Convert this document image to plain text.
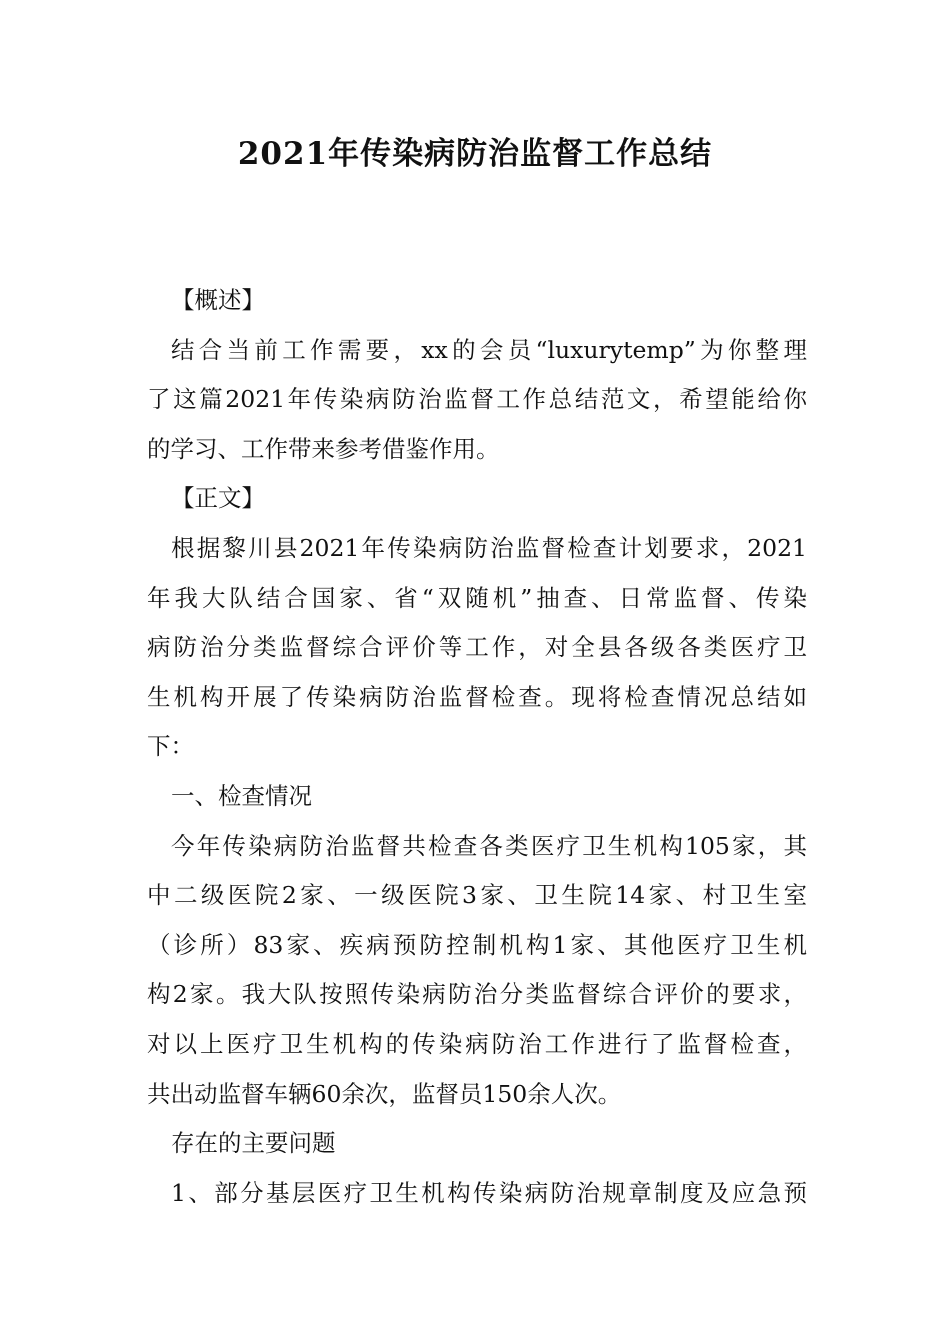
2021年传染病防治监督工作总结
【概述】
结合当前工作需要，xx的会员“luxurytemp”为你整理
了这篇2021年传染病防治监督工作总结范文，希望能给你
的学习、工作带来参考借鉴作用。
【正文】
根据黎川县2021年传染病防治监督检查计划要求，2021
年我大队结合国家、省“双随机”抽查、日常监督、传染
病防治分类监督综合评价等工作，对全县各级各类医疗卫
生机构开展了传染病防治监督检查。现将检查情况总结如
下：
一、检查情况
今年传染病防治监督共检查各类医疗卫生机构105家，其
中二级医院2家、一级医院3家、卫生院14家、村卫生室
（诊所）83家、疾病预防控制机构1家、其他医疗卫生机
构2家。我大队按照传染病防治分类监督综合评价的要求，
对以上医疗卫生机构的传染病防治工作进行了监督检查，
共出动监督车辆60余次，监督员150余人次。
存在的主要问题
1、部分基层医疗卫生机构传染病防治规章制度及应急预
